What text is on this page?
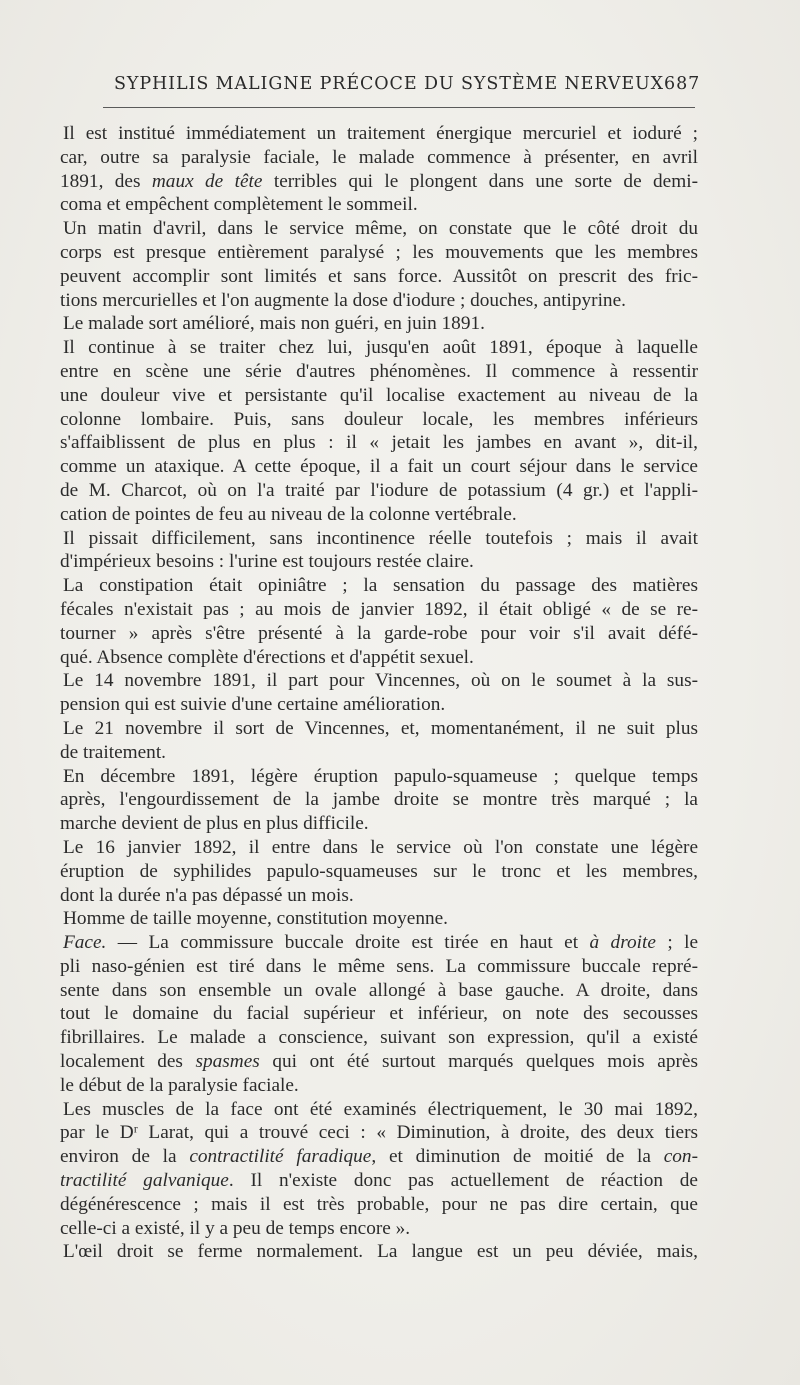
SYPHILIS MALIGNE PRÉCOCE DU SYSTÈME NERVEUX 687
Il est institué immédiatement un traitement énergique mercuriel et ioduré ;
car, outre sa paralysie faciale, le malade commence à présenter, en avril
1891, des maux de tête terribles qui le plongent dans une sorte de demi-
coma et empêchent complètement le sommeil.
Un matin d'avril, dans le service même, on constate que le côté droit du
corps est presque entièrement paralysé ; les mouvements que les membres
peuvent accomplir sont limités et sans force. Aussitôt on prescrit des fric-
tions mercurielles et l'on augmente la dose d'iodure ; douches, antipyrine.
Le malade sort amélioré, mais non guéri, en juin 1891.
Il continue à se traiter chez lui, jusqu'en août 1891, époque à laquelle
entre en scène une série d'autres phénomènes. Il commence à ressentir
une douleur vive et persistante qu'il localise exactement au niveau de la
colonne lombaire. Puis, sans douleur locale, les membres inférieurs
s'affaiblissent de plus en plus : il « jetait les jambes en avant », dit-il,
comme un ataxique. A cette époque, il a fait un court séjour dans le service
de M. Charcot, où on l'a traité par l'iodure de potassium (4 gr.) et l'appli-
cation de pointes de feu au niveau de la colonne vertébrale.
Il pissait difficilement, sans incontinence réelle toutefois ; mais il avait
d'impérieux besoins : l'urine est toujours restée claire.
La constipation était opiniâtre ; la sensation du passage des matières
fécales n'existait pas ; au mois de janvier 1892, il était obligé « de se re-
tourner » après s'être présenté à la garde-robe pour voir s'il avait défé-
qué. Absence complète d'érections et d'appétit sexuel.
Le 14 novembre 1891, il part pour Vincennes, où on le soumet à la sus-
pension qui est suivie d'une certaine amélioration.
Le 21 novembre il sort de Vincennes, et, momentanément, il ne suit plus
de traitement.
En décembre 1891, légère éruption papulo-squameuse ; quelque temps
après, l'engourdissement de la jambe droite se montre très marqué ; la
marche devient de plus en plus difficile.
Le 16 janvier 1892, il entre dans le service où l'on constate une légère
éruption de syphilides papulo-squameuses sur le tronc et les membres,
dont la durée n'a pas dépassé un mois.
Homme de taille moyenne, constitution moyenne.
Face. — La commissure buccale droite est tirée en haut et à droite ; le
pli naso-génien est tiré dans le même sens. La commissure buccale repré-
sente dans son ensemble un ovale allongé à base gauche. A droite, dans
tout le domaine du facial supérieur et inférieur, on note des secousses
fibrillaires. Le malade a conscience, suivant son expression, qu'il a existé
localement des spasmes qui ont été surtout marqués quelques mois après
le début de la paralysie faciale.
Les muscles de la face ont été examinés électriquement, le 30 mai 1892,
par le Dʳ Larat, qui a trouvé ceci : « Diminution, à droite, des deux tiers
environ de la contractilité faradique, et diminution de moitié de la con-
tractilité galvanique. Il n'existe donc pas actuellement de réaction de
dégénérescence ; mais il est très probable, pour ne pas dire certain, que
celle-ci a existé, il y a peu de temps encore ».
L'œil droit se ferme normalement. La langue est un peu déviée, mais,
